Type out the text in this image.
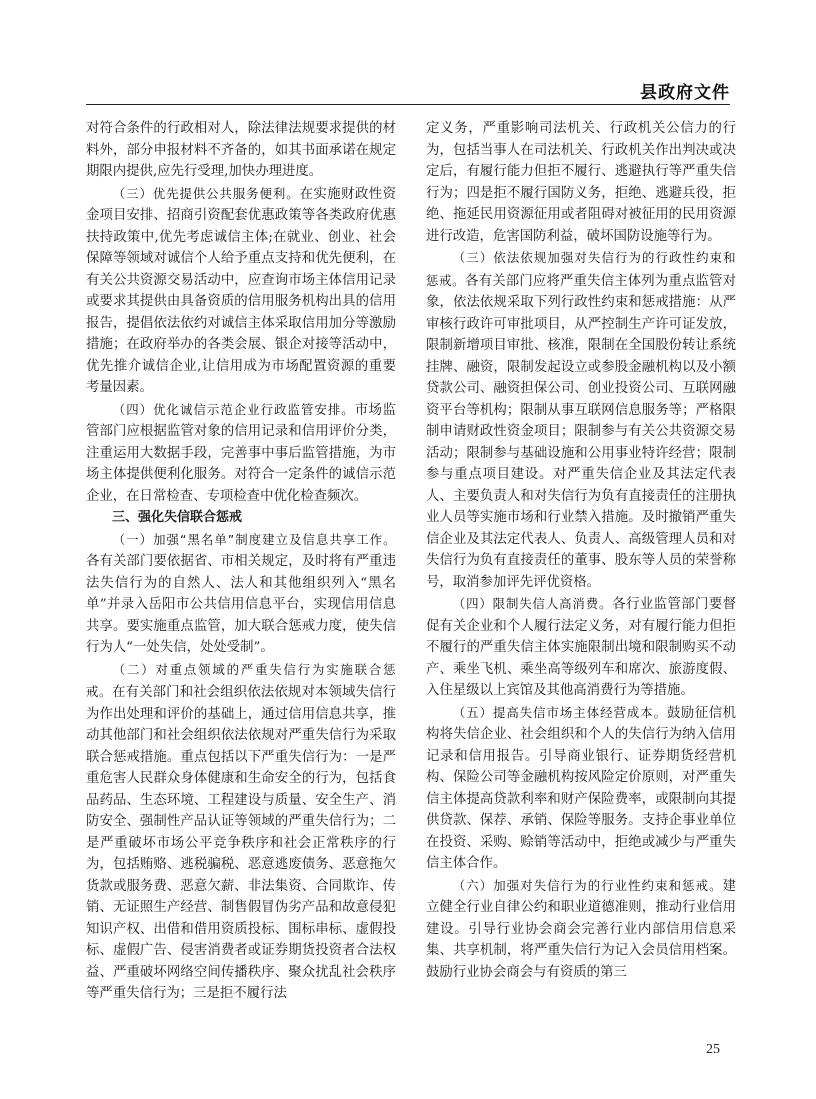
县政府文件

对符合条件的行政相对人，除法律法规要求提供的材料外，部分申报材料不齐备的，如其书面承诺在规定期限内提供,应先行受理,加快办理进度。

（三）优先提供公共服务便利。在实施财政性资金项目安排、招商引资配套优惠政策等各类政府优惠扶持政策中,优先考虑诚信主体;在就业、创业、社会保障等领域对诚信个人给予重点支持和优先便利，在有关公共资源交易活动中，应查询市场主体信用记录或要求其提供由具备资质的信用服务机构出具的信用报告，提倡依法依约对诚信主体采取信用加分等激励措施；在政府举办的各类会展、银企对接等活动中，优先推介诚信企业,让信用成为市场配置资源的重要考量因素。

（四）优化诚信示范企业行政监管安排。市场监管部门应根据监管对象的信用记录和信用评价分类，注重运用大数据手段，完善事中事后监管措施，为市场主体提供便利化服务。对符合一定条件的诚信示范企业，在日常检查、专项检查中优化检查频次。

三、强化失信联合惩戒

（一）加强“黑名单”制度建立及信息共享工作。各有关部门要依据省、市相关规定，及时将有严重违法失信行为的自然人、法人和其他组织列入“黑名单”并录入岳阳市公共信用信息平台，实现信用信息共享。要实施重点监管，加大联合惩戒力度，使失信行为人“一处失信，处处受制”。

（二）对重点领域的严重失信行为实施联合惩戒。在有关部门和社会组织依法依规对本领域失信行为作出处理和评价的基础上，通过信用信息共享，推动其他部门和社会组织依法依规对严重失信行为采取联合惩戒措施。重点包括以下严重失信行为：一是严重危害人民群众身体健康和生命安全的行为，包括食品药品、生态环境、工程建设与质量、安全生产、消防安全、强制性产品认证等领域的严重失信行为；二是严重破坏市场公平竞争秩序和社会正常秩序的行为，包括贿赂、逃税骗税、恶意逃废债务、恶意拖欠货款或服务费、恶意欠薪、非法集资、合同欺诈、传销、无证照生产经营、制售假冒伪劣产品和故意侵犯知识产权、出借和借用资质投标、围标串标、虚假投标、虚假广告、侵害消费者或证券期货投资者合法权益、严重破坏网络空间传播秩序、聚众扰乱社会秩序等严重失信行为；三是拒不履行法

定义务，严重影响司法机关、行政机关公信力的行为，包括当事人在司法机关、行政机关作出判决或决定后，有履行能力但拒不履行、逃避执行等严重失信行为；四是拒不履行国防义务，拒绝、逃避兵役，拒绝、拖延民用资源征用或者阻碍对被征用的民用资源进行改造，危害国防利益，破坏国防设施等行为。

（三）依法依规加强对失信行为的行政性约束和惩戒。各有关部门应将严重失信主体列为重点监管对象，依法依规采取下列行政性约束和惩戒措施：从严审核行政许可审批项目，从严控制生产许可证发放，限制新增项目审批、核准，限制在全国股份转让系统挂牌、融资，限制发起设立或参股金融机构以及小额贷款公司、融资担保公司、创业投资公司、互联网融资平台等机构；限制从事互联网信息服务等；严格限制申请财政性资金项目；限制参与有关公共资源交易活动；限制参与基础设施和公用事业特许经营；限制参与重点项目建设。对严重失信企业及其法定代表人、主要负责人和对失信行为负有直接责任的注册执业人员等实施市场和行业禁入措施。及时撤销严重失信企业及其法定代表人、负责人、高级管理人员和对失信行为负有直接责任的董事、股东等人员的荣誉称号，取消参加评先评优资格。

（四）限制失信人高消费。各行业监管部门要督促有关企业和个人履行法定义务，对有履行能力但拒不履行的严重失信主体实施限制出境和限制购买不动产、乘坐飞机、乘坐高等级列车和席次、旅游度假、入住星级以上宾馆及其他高消费行为等措施。

（五）提高失信市场主体经营成本。鼓励征信机构将失信企业、社会组织和个人的失信行为纳入信用记录和信用报告。引导商业银行、证券期货经营机构、保险公司等金融机构按风险定价原则，对严重失信主体提高贷款利率和财产保险费率，或限制向其提供贷款、保荐、承销、保险等服务。支持企事业单位在投资、采购、赊销等活动中，拒绝或减少与严重失信主体合作。

（六）加强对失信行为的行业性约束和惩戒。建立健全行业自律公约和职业道德准则，推动行业信用建设。引导行业协会商会完善行业内部信用信息采集、共享机制，将严重失信行为记入会员信用档案。鼓励行业协会商会与有资质的第三

25
